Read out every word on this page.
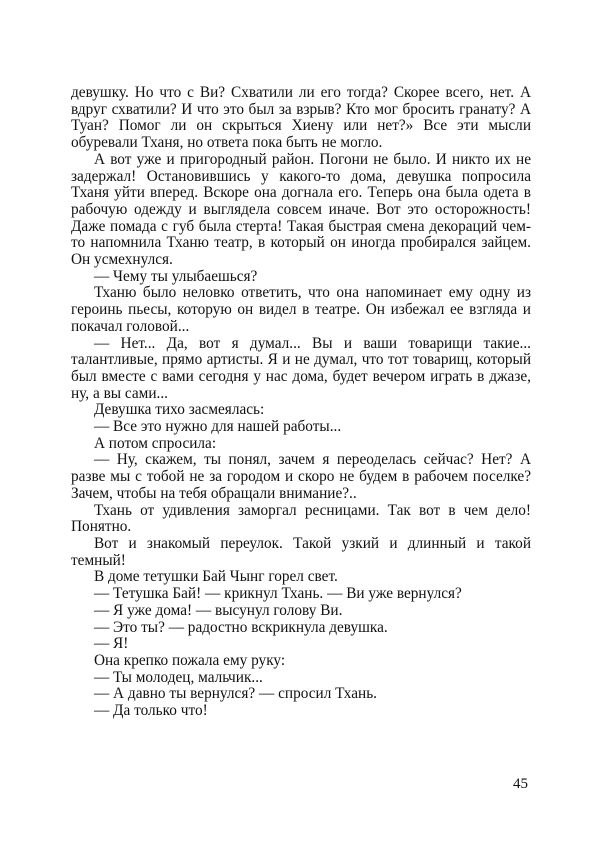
девушку. Но что с Ви? Схватили ли его тогда? Скорее всего, нет. А вдруг схватили? И что это был за взрыв? Кто мог бросить гранату? А Туан? Помог ли он скрыться Хиену или нет?» Все эти мысли обуревали Тханя, но ответа пока быть не могло.

А вот уже и пригородный район. Погони не было. И никто их не задержал! Остановившись у какого-то дома, девушка попросила Тханя уйти вперед. Вскоре она догнала его. Теперь она была одета в рабочую одежду и выглядела совсем иначе. Вот это осторожность! Даже помада с губ была стерта! Такая быстрая смена декораций чем-то напомнила Тханю театр, в который он иногда пробирался зайцем. Он усмехнулся.

— Чему ты улыбаешься?

Тханю было неловко ответить, что она напоминает ему одну из героинь пьесы, которую он видел в театре. Он избежал ее взгляда и покачал головой...

— Нет... Да, вот я думал... Вы и ваши товарищи такие... талантливые, прямо артисты. Я и не думал, что тот товарищ, который был вместе с вами сегодня у нас дома, будет вечером играть в джазе, ну, а вы сами...

Девушка тихо засмеялась:

— Все это нужно для нашей работы...

А потом спросила:

— Ну, скажем, ты понял, зачем я переоделась сейчас? Нет? А разве мы с тобой не за городом и скоро не будем в рабочем поселке? Зачем, чтобы на тебя обращали внимание?..

Тхань от удивления заморгал ресницами. Так вот в чем дело! Понятно.

Вот и знакомый переулок. Такой узкий и длинный и такой темный!

В доме тетушки Бай Чынг горел свет.

— Тетушка Бай! — крикнул Тхань. — Ви уже вернулся?

— Я уже дома! — высунул голову Ви.

— Это ты? — радостно вскрикнула девушка.

— Я!

Она крепко пожала ему руку:

— Ты молодец, мальчик...

— А давно ты вернулся? — спросил Тхань.

— Да только что!

45
